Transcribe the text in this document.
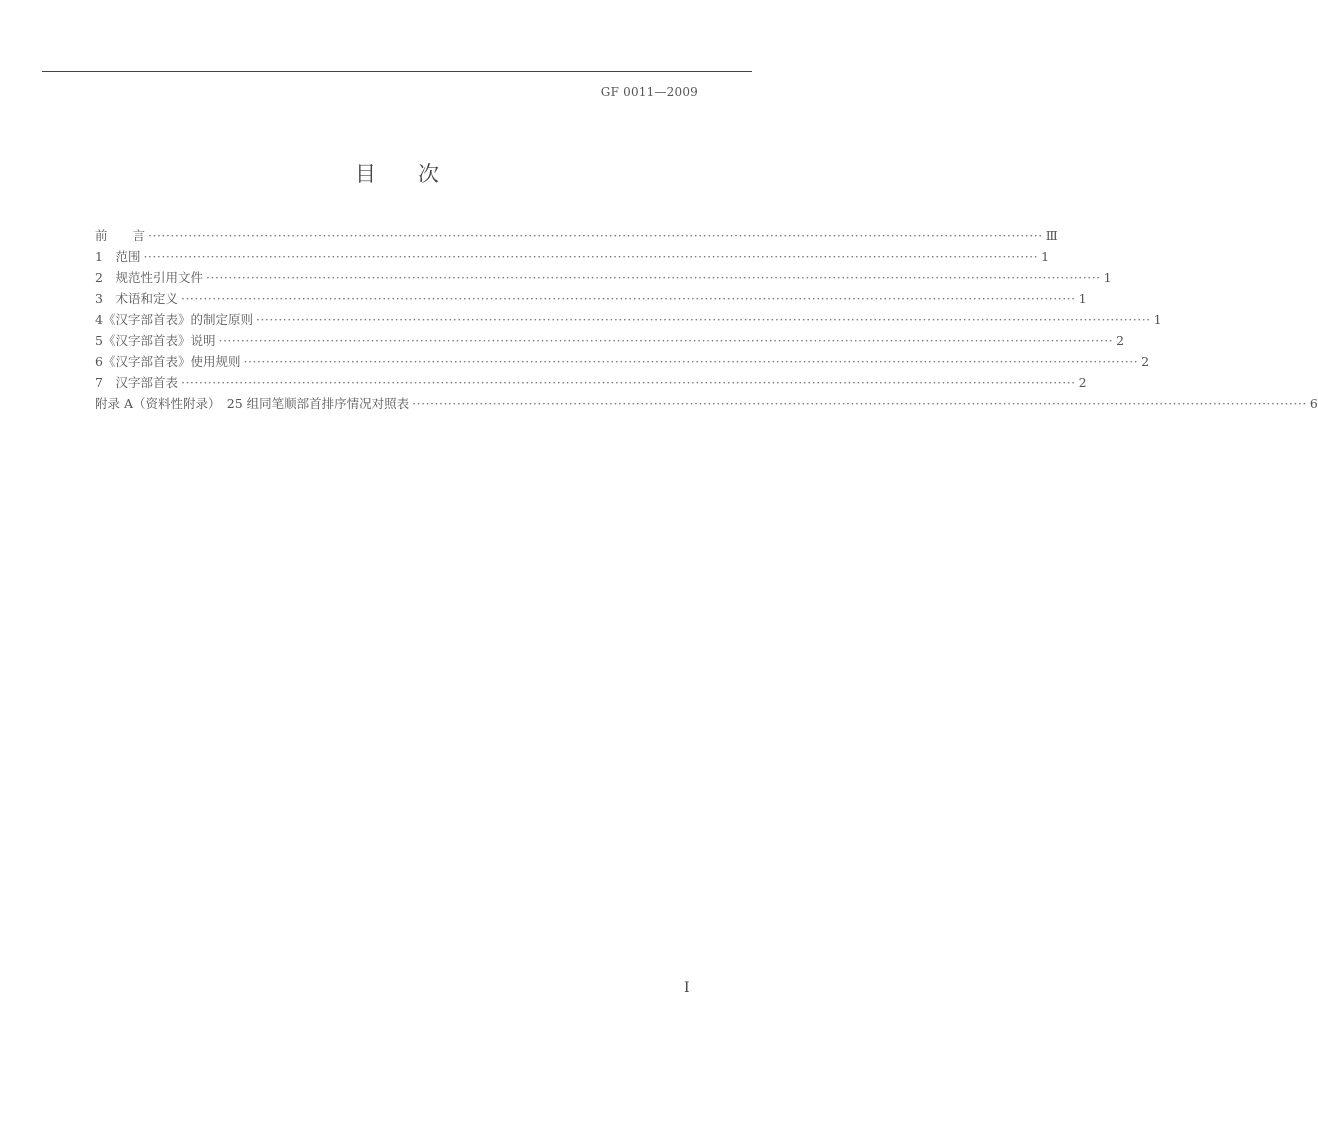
GF 0011—2009
目 次
前　　言 ········································································································································································································ Ⅲ
1　范围 ········································································································································································································ 1
2　规范性引用文件 ········································································································································································································ 1
3　术语和定义 ········································································································································································································ 1
4《汉字部首表》的制定原则 ········································································································································································································ 1
5《汉字部首表》说明 ········································································································································································································ 2
6《汉字部首表》使用规则 ········································································································································································································ 2
7　汉字部首表 ········································································································································································································ 2
附录 A（资料性附录）　25 组同笔顺部首排序情况对照表 ········································································································································································································ 6
I
